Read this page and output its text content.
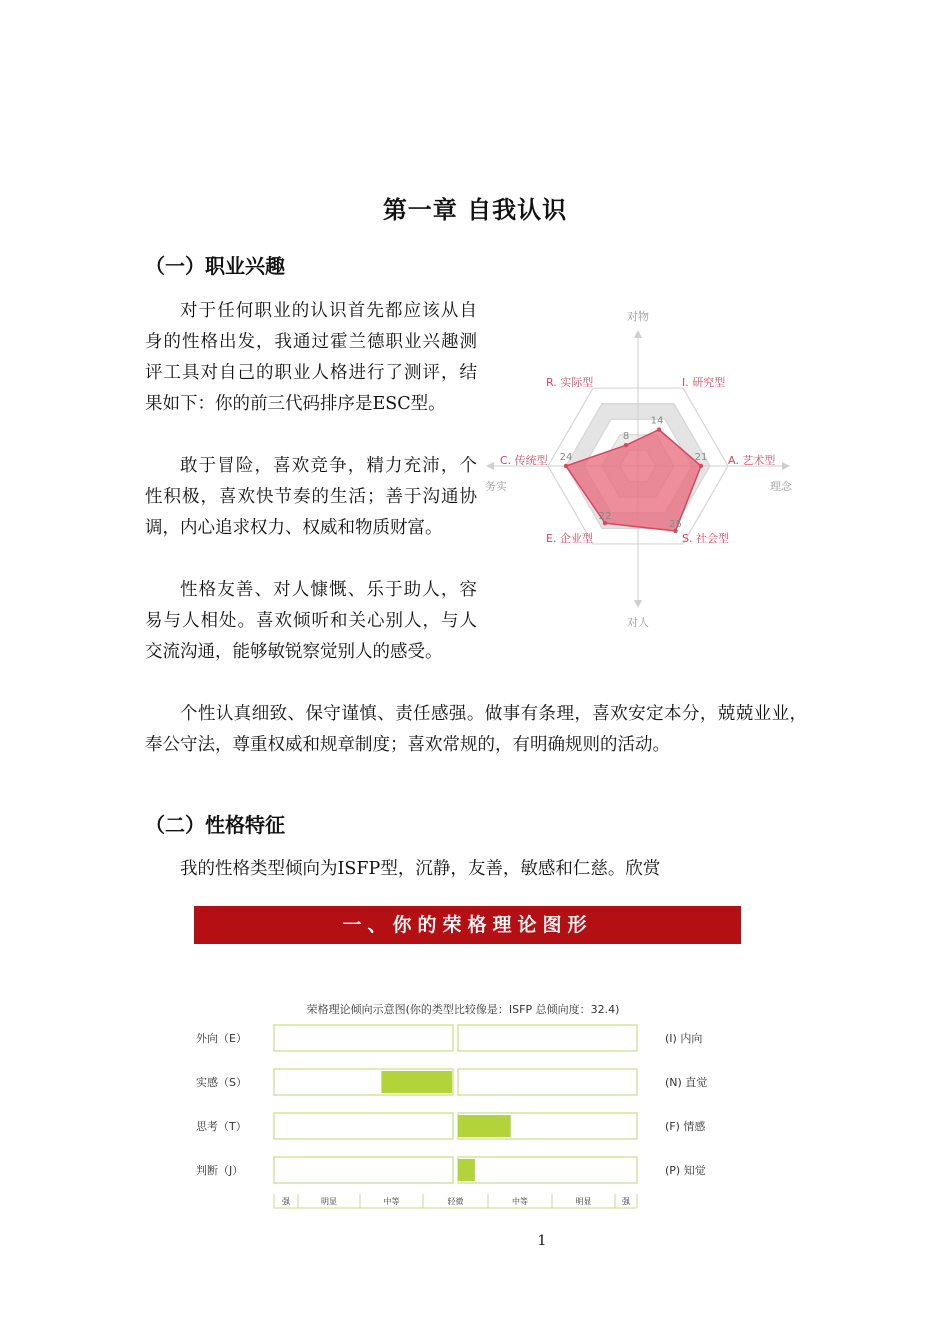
第一章 自我认识
（一）职业兴趣

对于任何职业的认识首先都应该从自身的性格出发，我通过霍兰德职业兴趣测评工具对自己的职业人格进行了测评，结果如下：你的前三代码排序是ESC型。

敢于冒险，喜欢竞争，精力充沛，个性积极，喜欢快节奏的生活；善于沟通协调，内心追求权力、权威和物质财富。

性格友善、对人慷慨、乐于助人，容易与人相处。喜欢倾听和关心别人，与人交流沟通，能够敏锐察觉别人的感受。

个性认真细致、保守谨慎、责任感强。做事有条理，喜欢安定本分，兢兢业业，奉公守法，尊重权威和规章制度；喜欢常规的，有明确规则的活动。

14
21
25
22
24
8
I. 研究型
A. 艺术型
S. 社会型
E. 企业型
C. 传统型
R. 实际型
对物
对人
务实	理念
（二）性格特征

我的性格类型倾向为ISFP型，沉静，友善，敏感和仁慈。欣赏

一、你的荣格理论图形
荣格理论倾向示意图(你的类型比较像是：ISFP 总倾向度：32.4)
外向（E）	(I) 内向
实感（S）	(N) 直觉
思考（T）	(F) 情感
判断（J）	(P) 知觉
强	明显	中等	轻微	中等	明显	强
1
